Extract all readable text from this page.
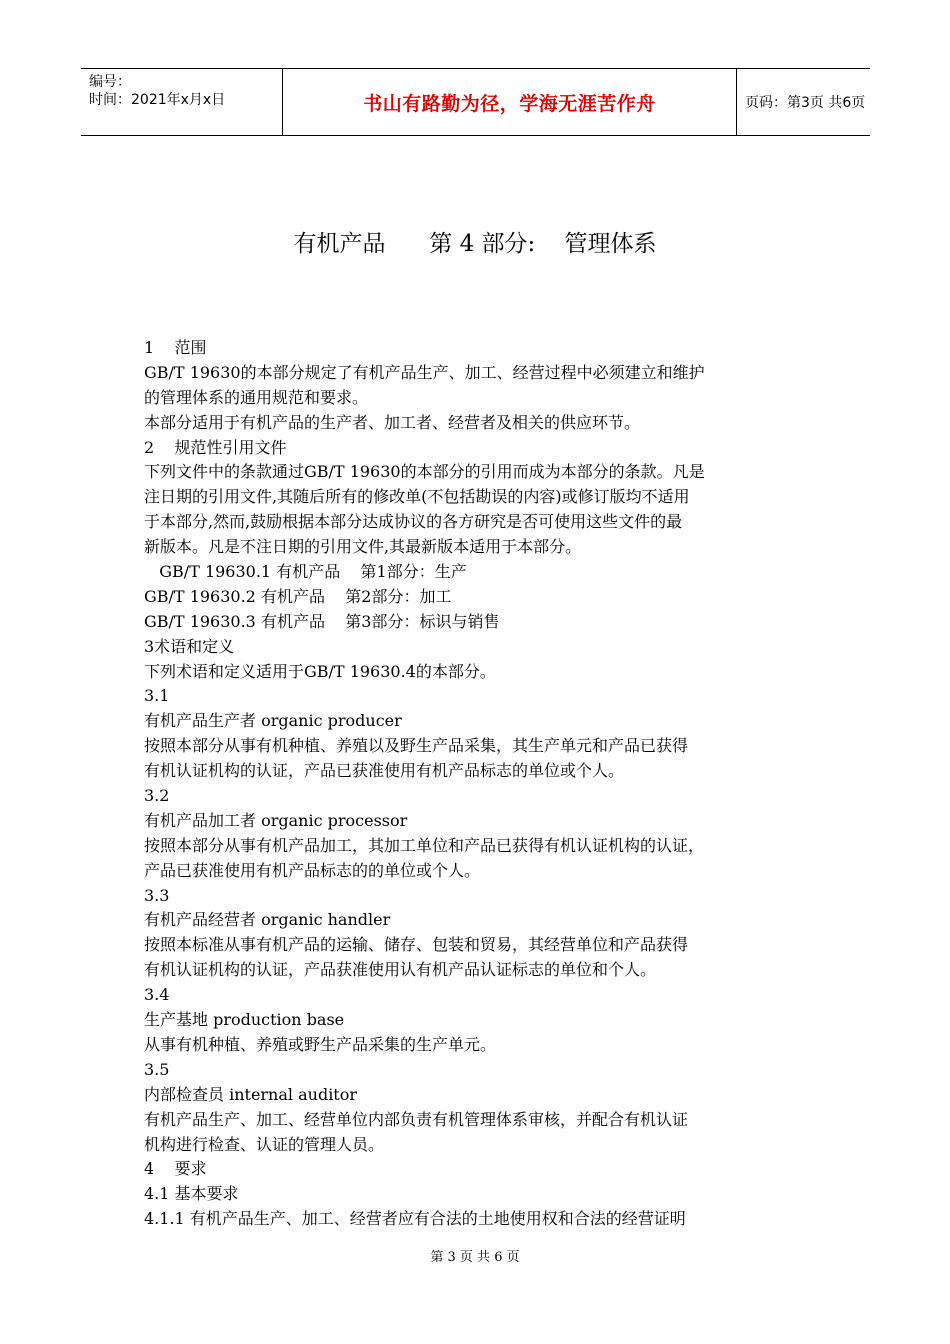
编号：
时间：2021年x月x日	书山有路勤为径，学海无涯苦作舟	页码：第3页 共6页
有机产品      第 4 部分:    管理体系
1    范围
GB/T 19630的本部分规定了有机产品生产、加工、经营过程中必须建立和维护
的管理体系的通用规范和要求。
本部分适用于有机产品的生产者、加工者、经营者及相关的供应环节。
2    规范性引用文件
下列文件中的条款通过GB/T 19630的本部分的引用而成为本部分的条款。凡是
注日期的引用文件,其随后所有的修改单(不包括勘误的内容)或修订版均不适用
于本部分,然而,鼓励根据本部分达成协议的各方研究是否可使用这些文件的最
新版本。凡是不注日期的引用文件,其最新版本适用于本部分。
GB/T 19630.1 有机产品    第1部分：生产
GB/T 19630.2 有机产品    第2部分：加工
GB/T 19630.3 有机产品    第3部分：标识与销售
3术语和定义
下列术语和定义适用于GB/T 19630.4的本部分。
3.1
有机产品生产者 organic producer
按照本部分从事有机种植、养殖以及野生产品采集，其生产单元和产品已获得
有机认证机构的认证，产品已获准使用有机产品标志的单位或个人。
3.2
有机产品加工者 organic processor
按照本部分从事有机产品加工，其加工单位和产品已获得有机认证机构的认证，
产品已获准使用有机产品标志的的单位或个人。
3.3
有机产品经营者 organic handler
按照本标准从事有机产品的运输、储存、包装和贸易，其经营单位和产品获得
有机认证机构的认证，产品获准使用认有机产品认证标志的单位和个人。
3.4
生产基地 production base
从事有机种植、养殖或野生产品采集的生产单元。
3.5
内部检查员 internal auditor
有机产品生产、加工、经营单位内部负责有机管理体系审核，并配合有机认证
机构进行检查、认证的管理人员。
4    要求
4.1 基本要求
4.1.1 有机产品生产、加工、经营者应有合法的土地使用权和合法的经营证明
第 3 页 共 6 页
